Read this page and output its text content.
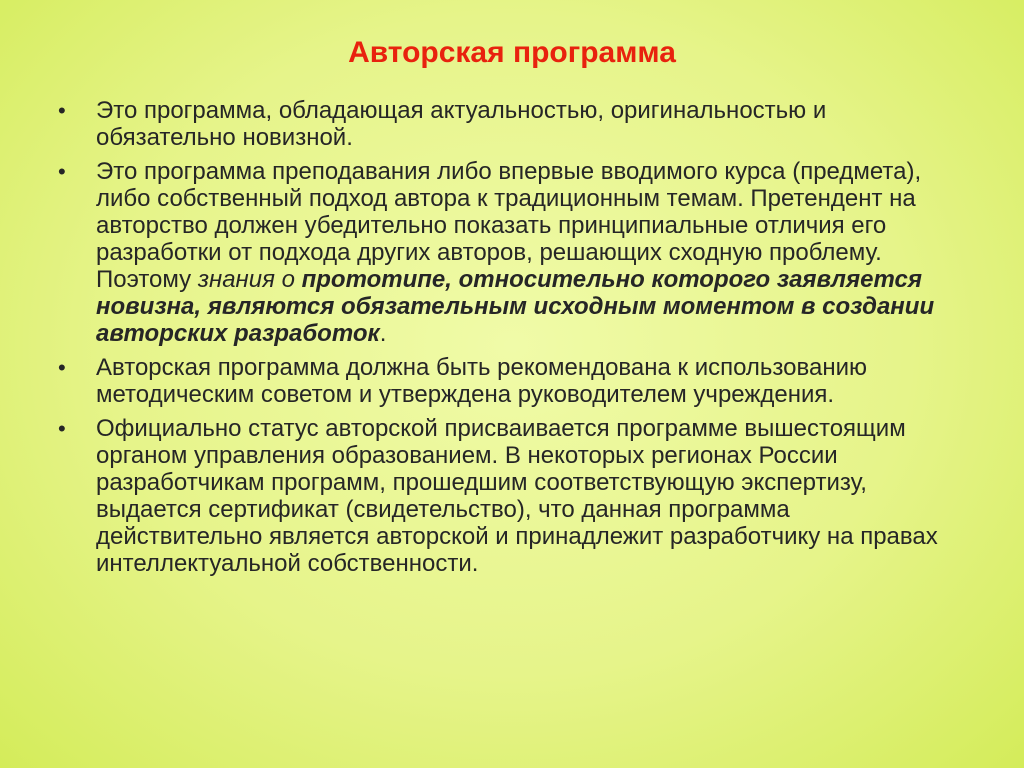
Авторская программа
•	Это программа, обладающая актуальностью, оригинальностью и обязательно новизной.
•	Это программа преподавания либо впервые вводимого курса (предмета), либо собственный подход автора к традиционным темам. Претендент на авторство должен убедительно показать принципиальные отличия его разработки от подхода других авторов, решающих сходную проблему. Поэтому знания о прототипе, относительно которого заявляется новизна, являются обязательным исходным моментом в создании авторских разработок.
•	Авторская программа должна быть рекомендована к использованию методическим советом и утверждена руководителем учреждения.
•	Официально статус авторской присваивается программе вышестоящим органом управления образованием. В некоторых регионах России разработчикам программ, прошедшим соответствующую экспертизу, выдается сертификат (свидетельство), что данная программа действительно является авторской и принадлежит разработчику на правах интеллектуальной собственности.
